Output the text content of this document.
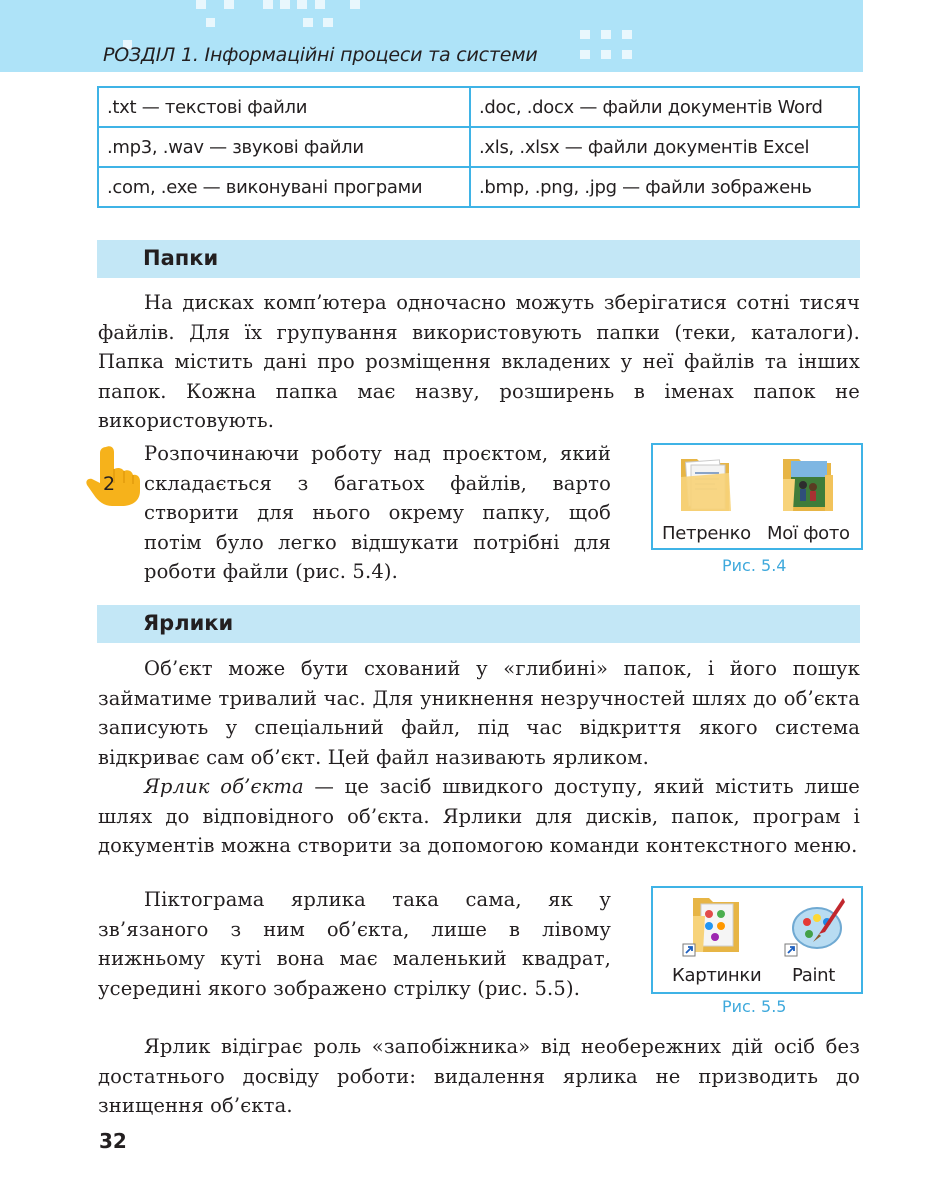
РОЗДІЛ 1. Інформаційні процеси та системи
.txt — текстові файли	.doc, .docx — файли документів Word
.mp3, .wav — звукові файли	.xls, .xlsx — файли документів Excel
.com, .exe — виконувані програми	.bmp, .png, .jpg — файли зображень
Папки
На дисках комп’ютера одночасно можуть зберігатися сотні тисяч файлів. Для їх групування використовують папки (теки, каталоги). Папка містить дані про розміщення вкладених у неї файлів та інших папок. Кожна папка має назву, розширень в іменах папок не використовують.
2
Розпочинаючи роботу над проєктом, який складається з багатьох файлів, варто створити для нього окрему папку, щоб потім було легко відшукати потрібні для роботи файли (рис. 5.4).
Петренко Мої фото
Рис. 5.4
Ярлики
Об’єкт може бути схований у «глибині» папок, і його пошук займатиме тривалий час. Для уникнення незручностей шлях до об’єкта записують у спеціальний файл, під час відкриття якого система відкриває сам об’єкт. Цей файл називають ярликом.
Ярлик об’єкта — це засіб швидкого доступу, який містить лише шлях до відповідного об’єкта. Ярлики для дисків, папок, програм і документів можна створити за допомогою команди контекстного меню.
Піктограма ярлика така сама, як у зв’язаного з ним об’єкта, лише в лівому нижньому куті вона має маленький квадрат, усередині якого зображено стрілку (рис. 5.5).
Картинки Paint
Рис. 5.5
Ярлик відіграє роль «запобіжника» від необережних дій осіб без достатнього досвіду роботи: видалення ярлика не призводить до знищення об’єкта.
32
